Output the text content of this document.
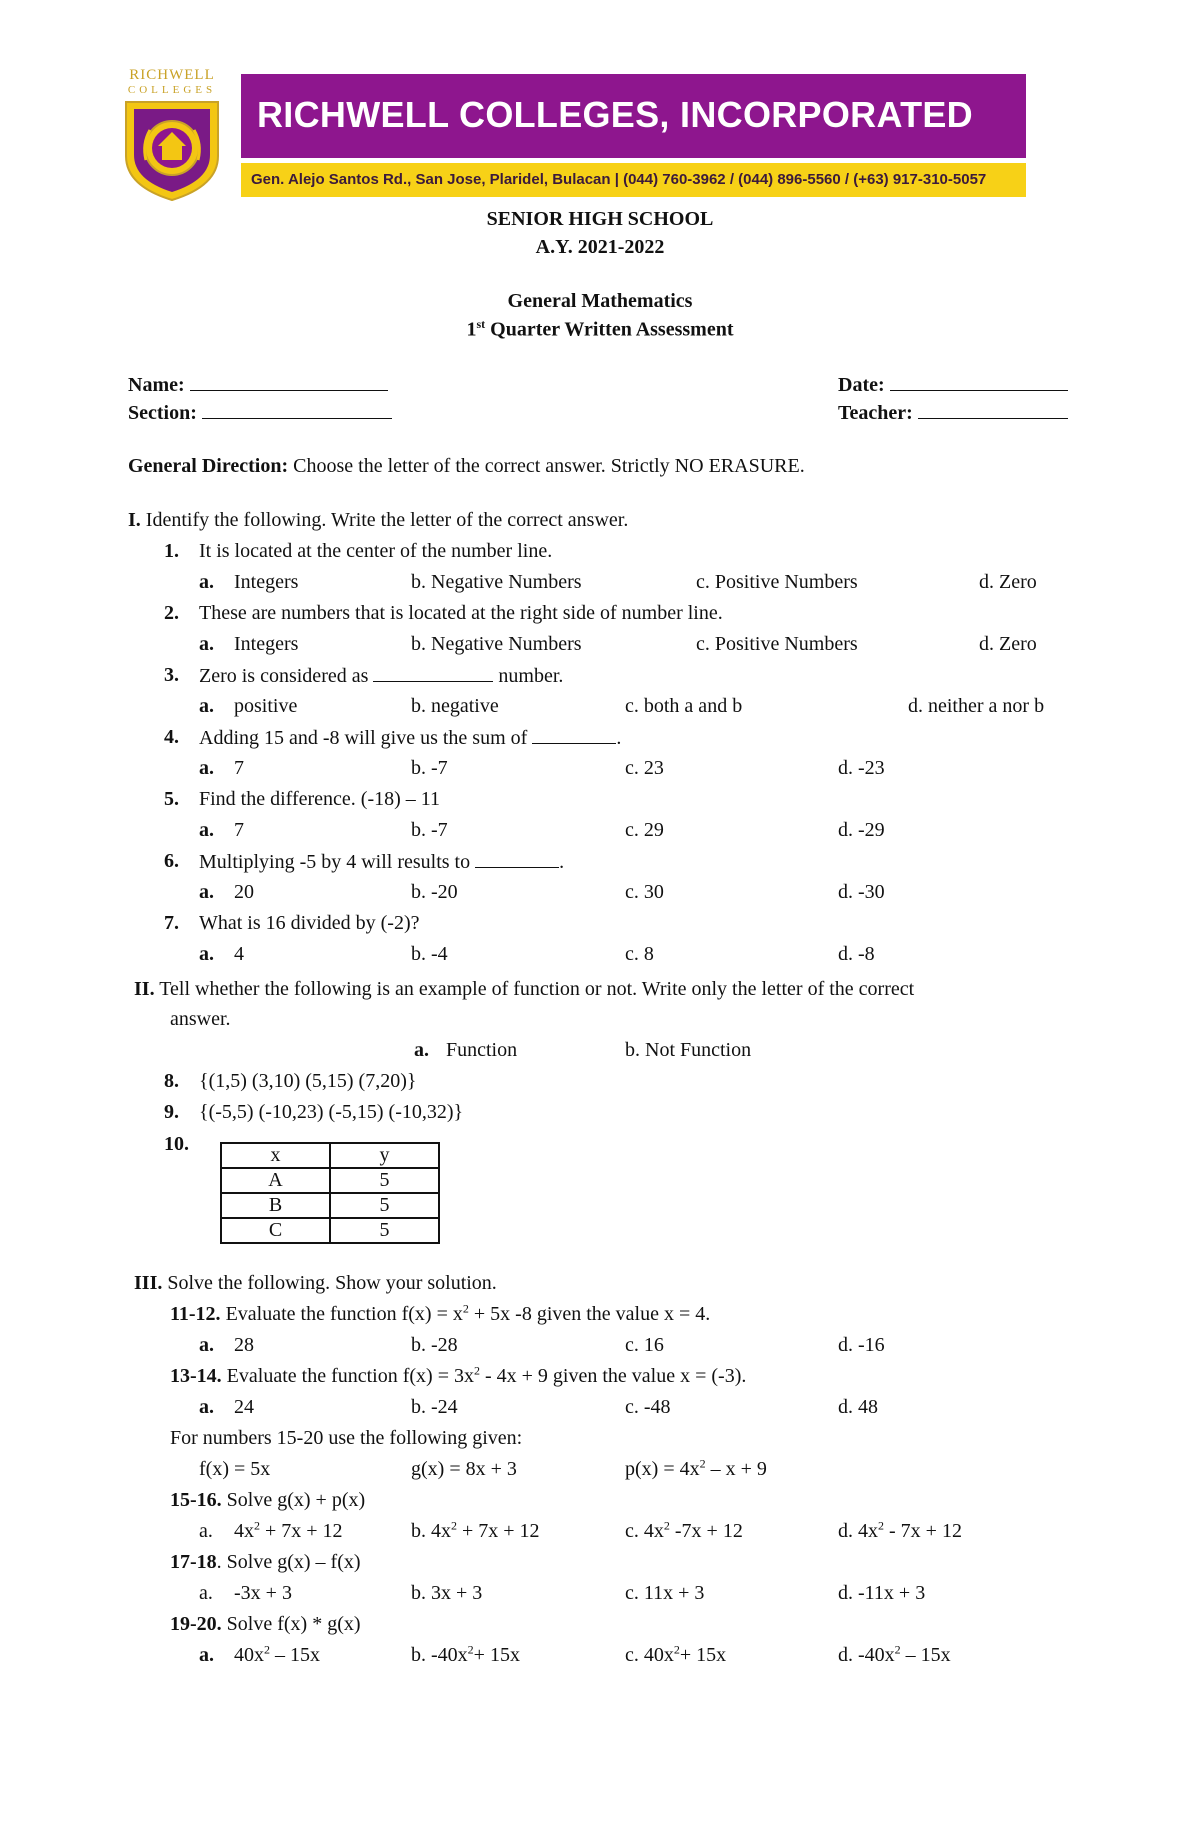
RICHWELL
COLLEGES
RICHWELL COLLEGES, INCORPORATED
Gen. Alejo Santos Rd., San Jose, Plaridel, Bulacan | (044) 760-3962 / (044) 896-5560 / (+63) 917-310-5057
SENIOR HIGH SCHOOL
A.Y. 2021-2022
General Mathematics
1st Quarter Written Assessment
Name:
Section:
Date:
Teacher:
General Direction: Choose the letter of the correct answer. Strictly NO ERASURE.
I. Identify the following. Write the letter of the correct answer.
1. It is located at the center of the number line.
a. Integers	b. Negative Numbers	c. Positive Numbers	d. Zero
2. These are numbers that is located at the right side of number line.
a. Integers	b. Negative Numbers	c. Positive Numbers	d. Zero
3. Zero is considered as	number.
a. positive	b. negative	c. both a and b	d. neither a nor b
4. Adding 15 and -8 will give us the sum of	.
a. 7	b. -7	c. 23	d. -23
5. Find the difference. (-18) – 11
a. 7	b. -7	c. 29	d. -29
6. Multiplying -5 by 4 will results to	.
a. 20	b. -20	c. 30	d. -30
7. What is 16 divided by (-2)?
a. 4	b. -4	c. 8	d. -8
II. Tell whether the following is an example of function or not. Write only the letter of the correct
answer.
a. Function	b. Not Function
8. {(1,5) (3,10) (5,15) (7,20)}
9. {(-5,5) (-10,23) (-5,15) (-10,32)}
10.	x	y
A	5
B	5
C	5
III. Solve the following. Show your solution.
11-12. Evaluate the function $f(x) = x^2 + 5x$ -8 given the value x = 4.
a. 28	b. -28	c. 16	d. -16
13-14. Evaluate the function $f(x) = 3x^2 - 4x + 9$ given the value x = (-3).
a. 24	b. -24	c. -48	d. 48
For numbers 15-20 use the following given:
f(x) = 5x	g(x) = 8x + 3	$p(x) = 4x^2 - x + 9$
15-16. Solve g(x) + p(x)
a. $4x^2 + 7x + 12$	b. $4x^2 + 7x + 12$	c. $4x^2$ -7x + 12	d. $4x^2 - 7x + 12$
17-18. Solve g(x) – f(x)
a. -3x + 3	b. 3x + 3	c. 11x + 3	d. -11x + 3
19-20. Solve f(x) * g(x)
a. $40x^2 - 15x$	b. $-40x^2+ 15x$	c. $40x^2+ 15x$	d. $-40x^2 - 15x$
